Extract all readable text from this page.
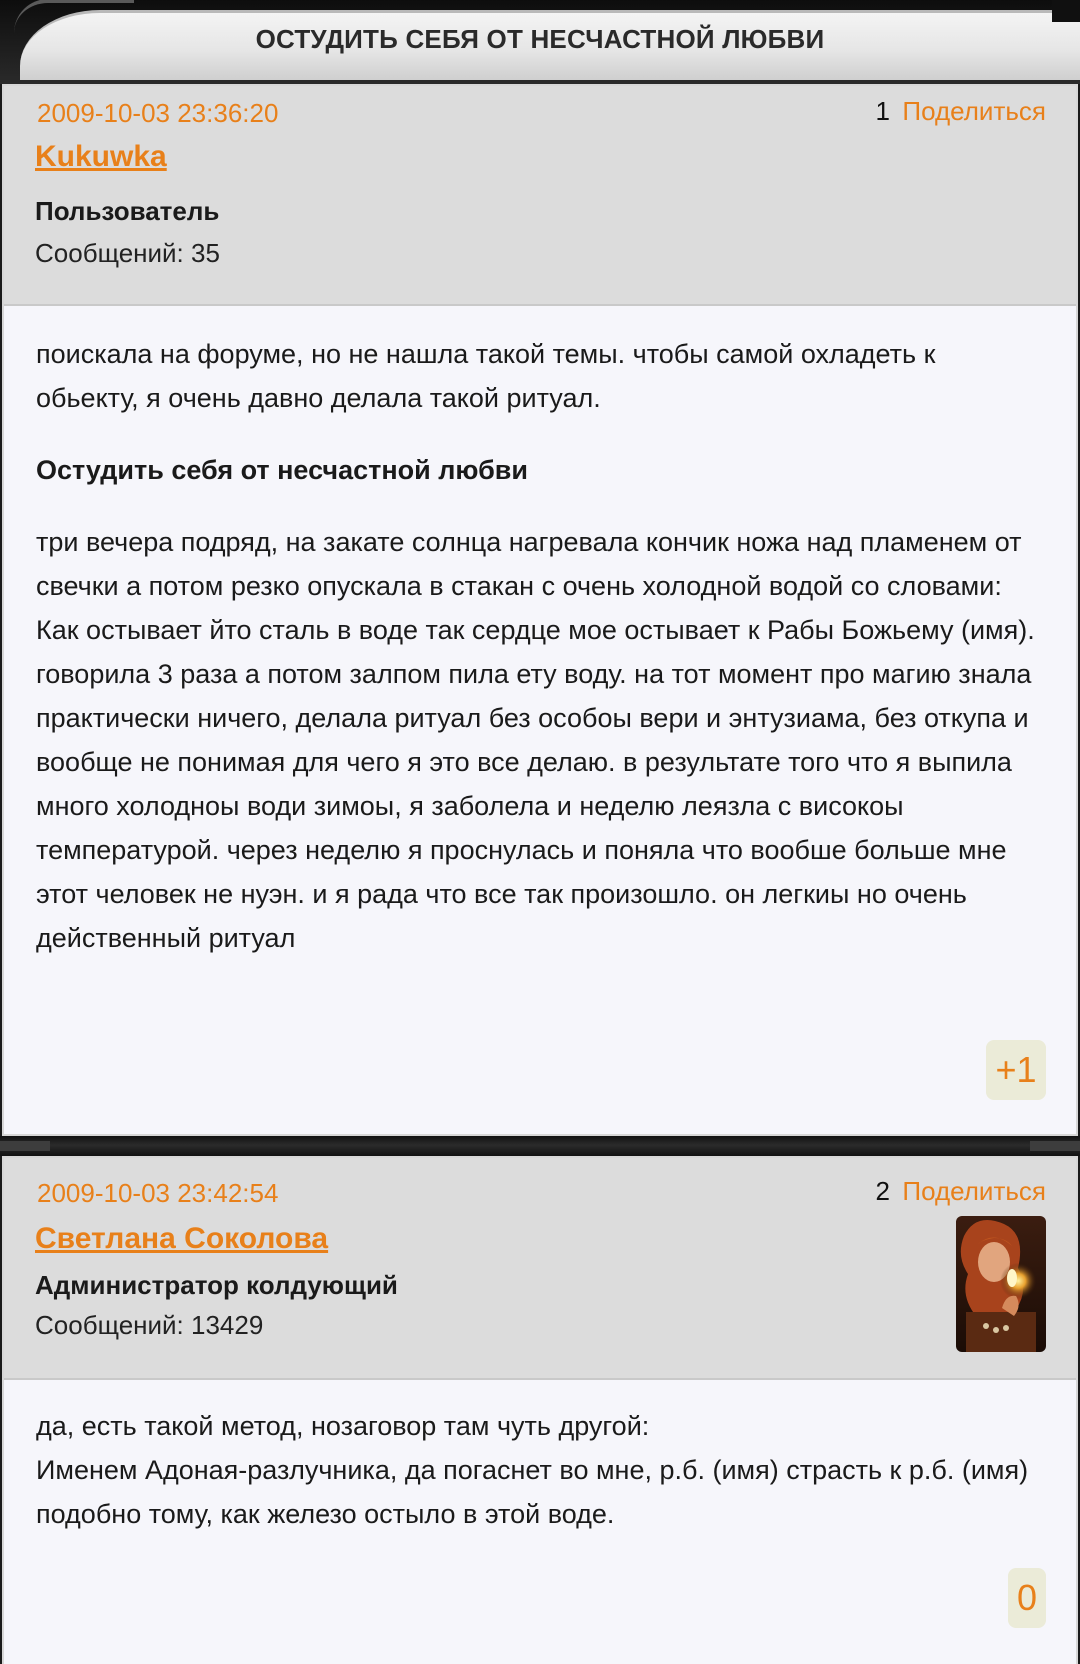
ОСТУДИТЬ СЕБЯ ОТ НЕСЧАСТНОЙ ЛЮБВИ
2009-10-03 23:36:20	1 Поделиться
Kukuwka
Пользователь
Сообщений: 35

поискала на форуме, но не нашла такой темы. чтобы самой охладеть к обьекту, я очень давно делала такой ритуал.

Остудить себя от несчастной любви

три вечера подряд, на закате солнца нагревала кончик ножа над пламенем от свечки а потом резко опускала в стакан с очень холодной водой со словами: Как остывает йто сталь в воде так сердце мое остывает к Рабы Божьему (имя). говорила 3 раза а потом залпом пила ету воду. на тот момент про магию знала практически ничего, делала ритуал без особоы вери и энтузиама, без откупа и вообще не понимая для чего я это все делаю. в результате того что я выпила много холодноы води зимоы, я заболела и неделю леязла с високоы температурой. через неделю я проснулась и поняла что вообше больше мне этот человек не нуэн. и я рада что все так произошло. он легкиы но очень действенный ритуал

+1
2009-10-03 23:42:54	2 Поделиться
Светлана Соколова
Администратор колдующий
Сообщений: 13429

да, есть такой метод, нозаговор там чуть другой:

Именем Адоная-разлучника, да погаснет во мне, р.б. (имя) страсть к р.б. (имя) подобно тому, как железо остыло в этой воде.

0
